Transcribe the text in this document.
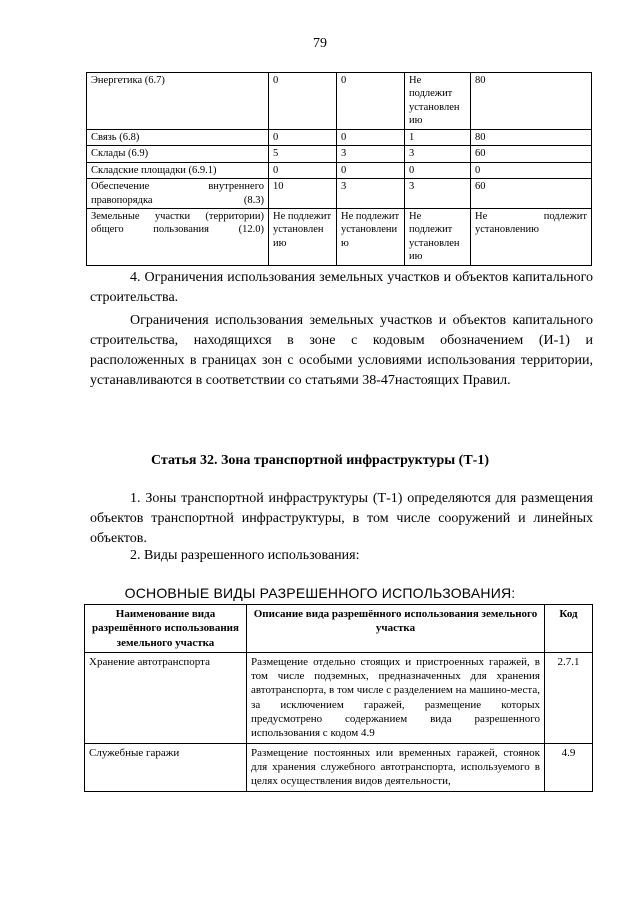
79
Энергетика (6.7)	0	0	Не подлежит установлен ию	80
Связь (6.8)	0	0	1	80
Склады (6.9)	5	3	3	60
Складские площадки (6.9.1)	0	0	0	0
Обеспечение внутреннего правопорядка (8.3)	10	3	3	60
Земельные участки (территории) общего пользования (12.0)	Не подлежит установлен ию	Не подлежит установлени ю	Не подлежит установлен ию	Не подлежит установлению

4. Ограничения использования земельных участков и объектов капитального строительства.

Ограничения использования земельных участков и объектов капитального строительства, находящихся в зоне с кодовым обозначением (И-1) и расположенных в границах зон с особыми условиями использования территории, устанавливаются в соответствии со статьями 38-47настоящих Правил.

Статья 32. Зона транспортной инфраструктуры (Т-1)

1. Зоны транспортной инфраструктуры (Т-1) определяются для размещения объектов транспортной инфраструктуры, в том числе сооружений и линейных объектов.

2. Виды разрешенного использования:

ОСНОВНЫЕ ВИДЫ РАЗРЕШЕННОГО ИСПОЛЬЗОВАНИЯ:

Наименование вида разрешённого использования земельного участка	Описание вида разрешённого использования земельного участка	Код
Хранение автотранспорта	Размещение отдельно стоящих и пристроенных гаражей, в том числе подземных, предназначенных для хранения автотранспорта, в том числе с разделением на машино-места, за исключением гаражей, размещение которых предусмотрено содержанием вида разрешенного использования с кодом 4.9	2.7.1
Служебные гаражи	Размещение постоянных или временных гаражей, стоянок для хранения служебного автотранспорта, используемого в целях осуществления видов деятельности,	4.9
